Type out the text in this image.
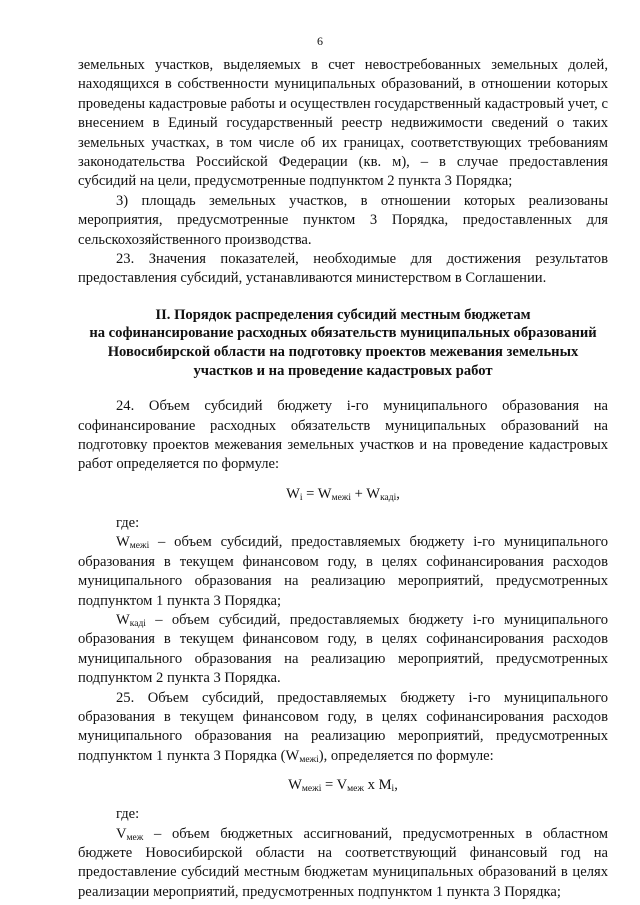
6

земельных участков, выделяемых в счет невостребованных земельных долей, находящихся в собственности муниципальных образований, в отношении которых проведены кадастровые работы и осуществлен государственный кадастровый учет, с внесением в Единый государственный реестр недвижимости сведений о таких земельных участках, в том числе об их границах, соответствующих требованиям законодательства Российской Федерации (кв. м), – в случае предоставления субсидий на цели, предусмотренные подпунктом 2 пункта 3 Порядка;

3) площадь земельных участков, в отношении которых реализованы мероприятия, предусмотренные пунктом 3 Порядка, предоставленных для сельскохозяйственного производства.

23. Значения показателей, необходимые для достижения результатов предоставления субсидий, устанавливаются министерством в Соглашении.

II. Порядок распределения субсидий местным бюджетам
на софинансирование расходных обязательств муниципальных образований
Новосибирской области на подготовку проектов межевания земельных
участков и на проведение кадастровых работ

24. Объем субсидий бюджету i-го муниципального образования на софинансирование расходных обязательств муниципальных образований на подготовку проектов межевания земельных участков и на проведение кадастровых работ определяется по формуле:

$W_i = W_{межi} + W_{кадi}$,

где:

$W_{межi}$ – объем субсидий, предоставляемых бюджету i-го муниципального образования в текущем финансовом году, в целях софинансирования расходов муниципального образования на реализацию мероприятий, предусмотренных подпунктом 1 пункта 3 Порядка;

$W_{кадi}$ – объем субсидий, предоставляемых бюджету i-го муниципального образования в текущем финансовом году, в целях софинансирования расходов муниципального образования на реализацию мероприятий, предусмотренных подпунктом 2 пункта 3 Порядка.

25. Объем субсидий, предоставляемых бюджету i-го муниципального образования в текущем финансовом году, в целях софинансирования расходов муниципального образования на реализацию мероприятий, предусмотренных подпунктом 1 пункта 3 Порядка $(W_{межi})$, определяется по формуле:

$W_{межi} = V_{меж}$ x $M_i$,

где:

$V_{меж}$ – объем бюджетных ассигнований, предусмотренных в областном бюджете Новосибирской области на соответствующий финансовый год на предоставление субсидий местным бюджетам муниципальных образований в целях реализации мероприятий, предусмотренных подпунктом 1 пункта 3 Порядка;
